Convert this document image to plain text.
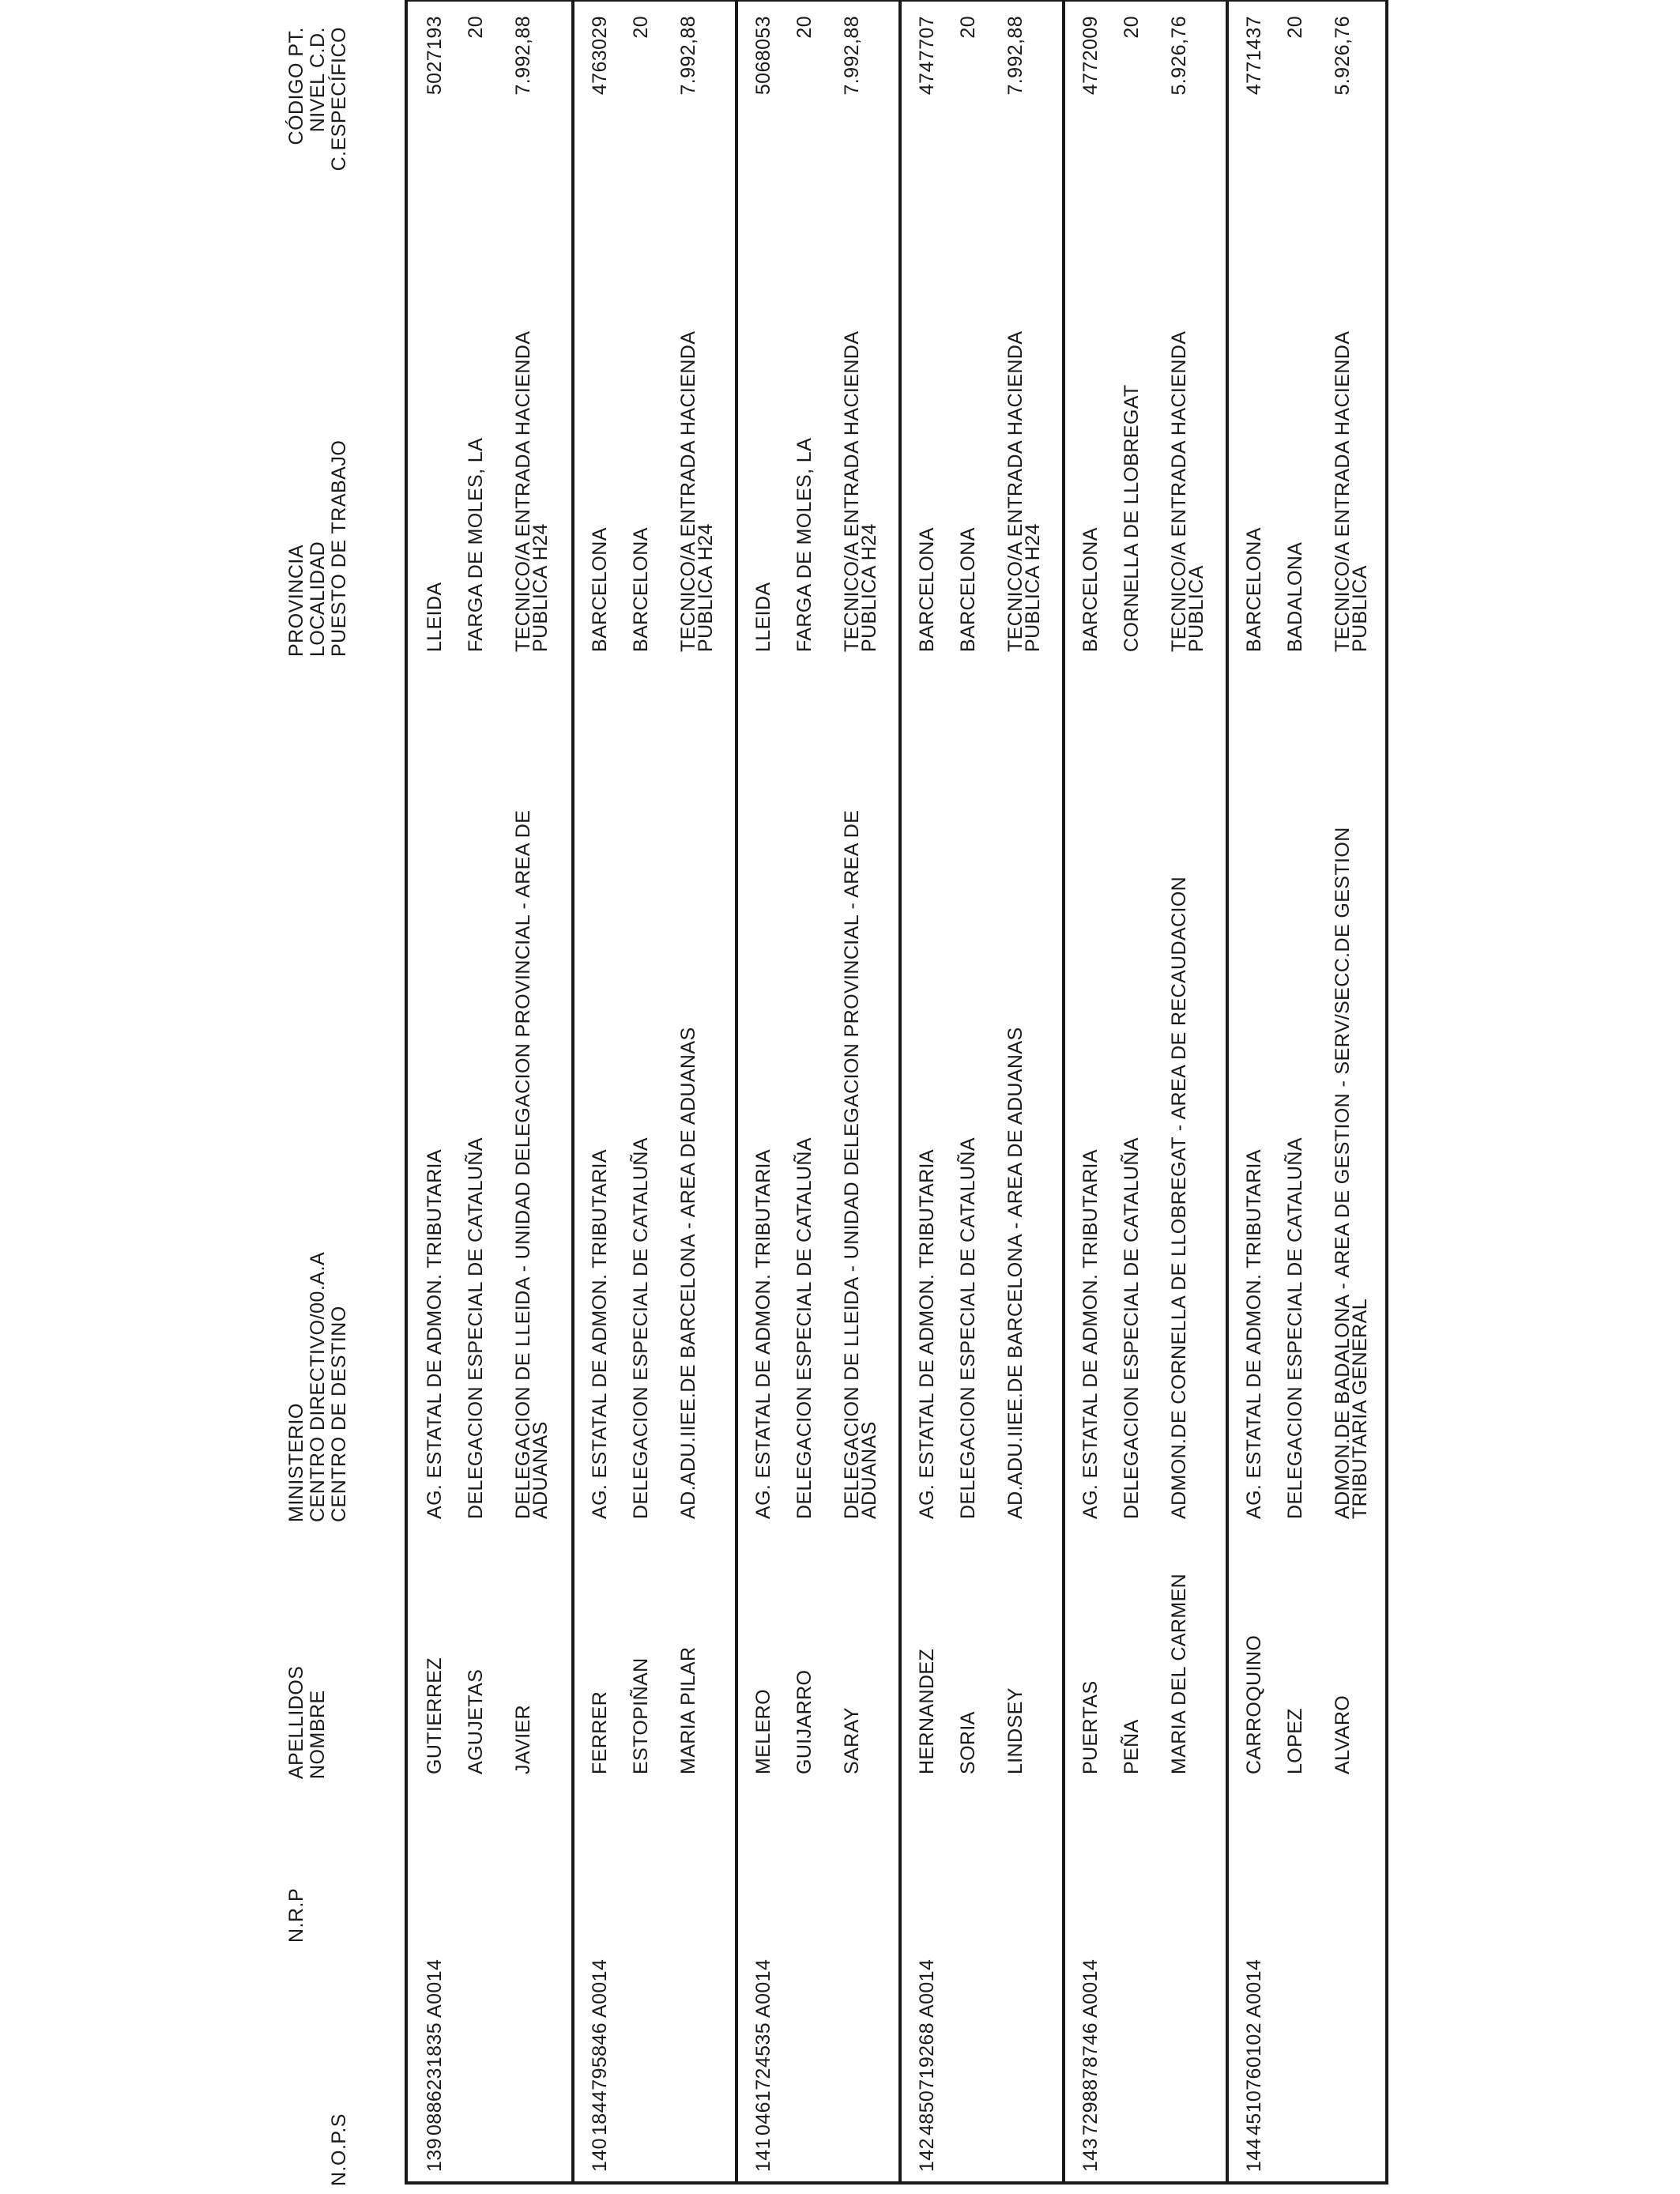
N.O.P.S
N.R.P
APELLIDOS NOMBRE
MINISTERIO CENTRO DIRECTIVO/00.A.A CENTRO DE DESTINO
PROVINCIA LOCALIDAD PUESTO DE TRABAJO
CÓDIGO PT. NIVEL C.D. C.ESPECÍFICO
139
0886231835 A0014
GUTIERREZ AGUJETAS JAVIER
AG. ESTATAL DE ADMON. TRIBUTARIA DELEGACION ESPECIAL DE CATALUÑA DELEGACION DE LLEIDA - UNIDAD DELEGACION PROVINCIAL - AREA DE
ADUANAS
LLEIDA FARGA DE MOLES, LA TECNICO/A ENTRADA HACIENDA
PUBLICA H24
5027193 20 7.992,88
140
1844795846 A0014
FERRER ESTOPIÑAN MARIA PILAR
AG. ESTATAL DE ADMON. TRIBUTARIA DELEGACION ESPECIAL DE CATALUÑA AD.ADU.IIEE.DE BARCELONA - AREA DE ADUANAS
BARCELONA BARCELONA TECNICO/A ENTRADA HACIENDA
PUBLICA H24
4763029 20 7.992,88
141
0461724535 A0014
MELERO GUIJARRO SARAY
AG. ESTATAL DE ADMON. TRIBUTARIA DELEGACION ESPECIAL DE CATALUÑA DELEGACION DE LLEIDA - UNIDAD DELEGACION PROVINCIAL - AREA DE
ADUANAS
LLEIDA FARGA DE MOLES, LA TECNICO/A ENTRADA HACIENDA
PUBLICA H24
5068053 20 7.992,88
142
4850719268 A0014
HERNANDEZ SORIA LINDSEY
AG. ESTATAL DE ADMON. TRIBUTARIA DELEGACION ESPECIAL DE CATALUÑA AD.ADU.IIEE.DE BARCELONA - AREA DE ADUANAS
BARCELONA BARCELONA TECNICO/A ENTRADA HACIENDA
PUBLICA H24
4747707 20 7.992,88
143
7298878746 A0014
PUERTAS PEÑA MARIA DEL CARMEN
AG. ESTATAL DE ADMON. TRIBUTARIA DELEGACION ESPECIAL DE CATALUÑA ADMON.DE CORNELLA DE LLOBREGAT - AREA DE RECAUDACION
BARCELONA CORNELLA DE LLOBREGAT TECNICO/A ENTRADA HACIENDA
PUBLICA
4772009 20 5.926,76
144
4510760102 A0014
CARROQUINO LOPEZ ALVARO
AG. ESTATAL DE ADMON. TRIBUTARIA DELEGACION ESPECIAL DE CATALUÑA ADMON.DE BADALONA - AREA DE GESTION - SERV/SECC.DE GESTION
TRIBUTARIA GENERAL
BARCELONA BADALONA TECNICO/A ENTRADA HACIENDA
PUBLICA
4771437 20 5.926,76
